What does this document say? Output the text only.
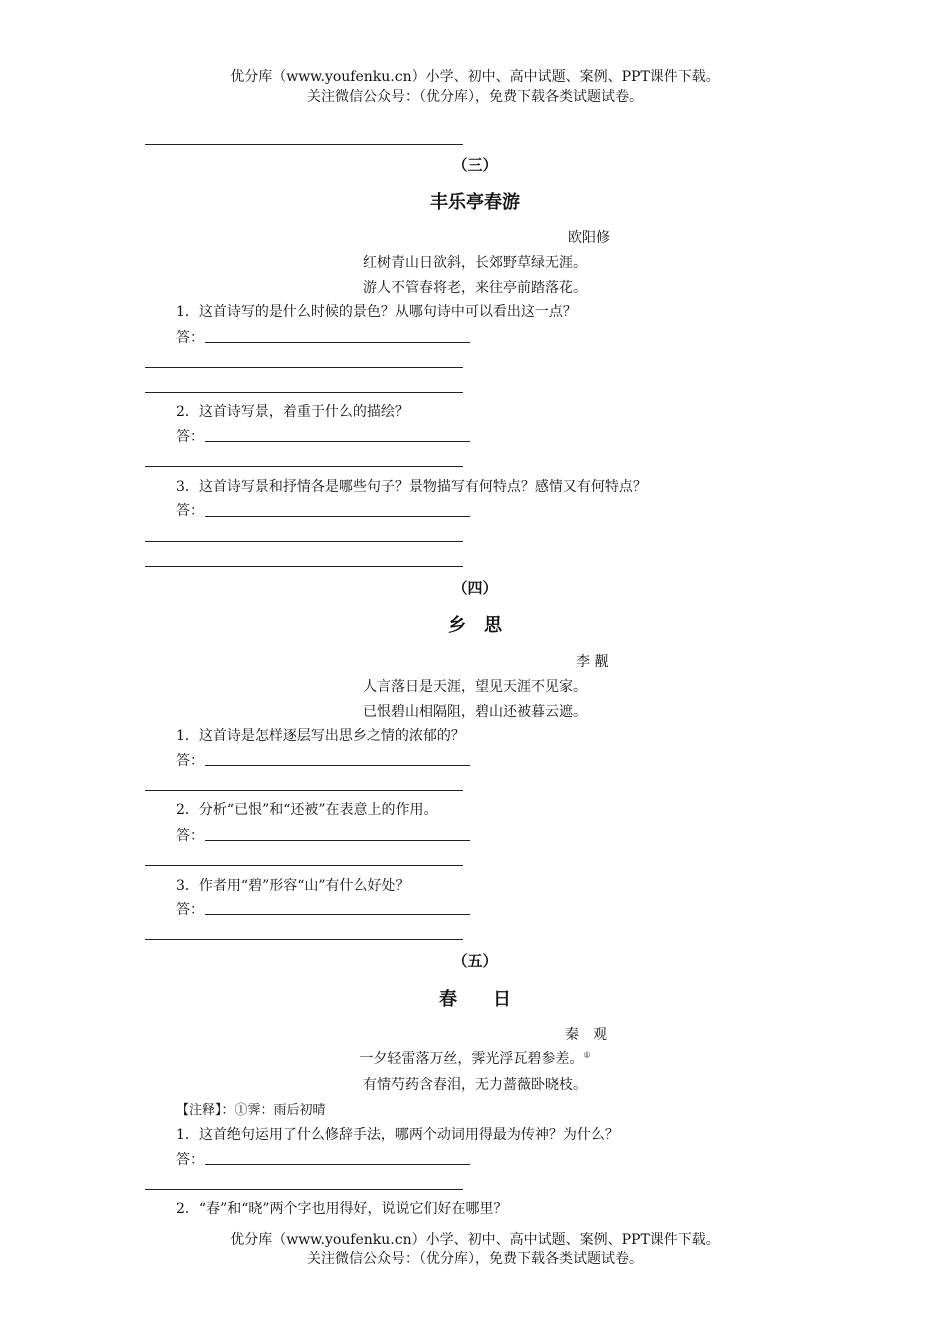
优分库（www.youfenku.cn）小学、初中、高中试题、案例、PPT课件下载。
关注微信公众号：（优分库），免费下载各类试题试卷。
（三）
丰乐亭春游
欧阳修
红树青山日欲斜，长郊野草绿无涯。
游人不管春将老，来往亭前踏落花。
1．这首诗写的是什么时候的景色？从哪句诗中可以看出这一点？
答：
2．这首诗写景，着重于什么的描绘？
答：
3．这首诗写景和抒情各是哪些句子？景物描写有何特点？感情又有何特点？
答：
（四）
乡　思
李 觏
人言落日是天涯，望见天涯不见家。
已恨碧山相隔阻，碧山还被暮云遮。
1．这首诗是怎样逐层写出思乡之情的浓郁的？
答：
2．分析“已恨”和“还被”在表意上的作用。
答：
3．作者用“碧”形容“山”有什么好处？
答：
（五）
春　　日
秦　观
一夕轻雷落万丝，霁光浮瓦碧参差。①
有情芍药含春泪，无力蔷薇卧晓枝。
【注释】：①霁：雨后初晴
1．这首绝句运用了什么修辞手法，哪两个动词用得最为传神？为什么？
答：
2．“春”和“晓”两个字也用得好，说说它们好在哪里？
优分库（www.youfenku.cn）小学、初中、高中试题、案例、PPT课件下载。
关注微信公众号：（优分库），免费下载各类试题试卷。
